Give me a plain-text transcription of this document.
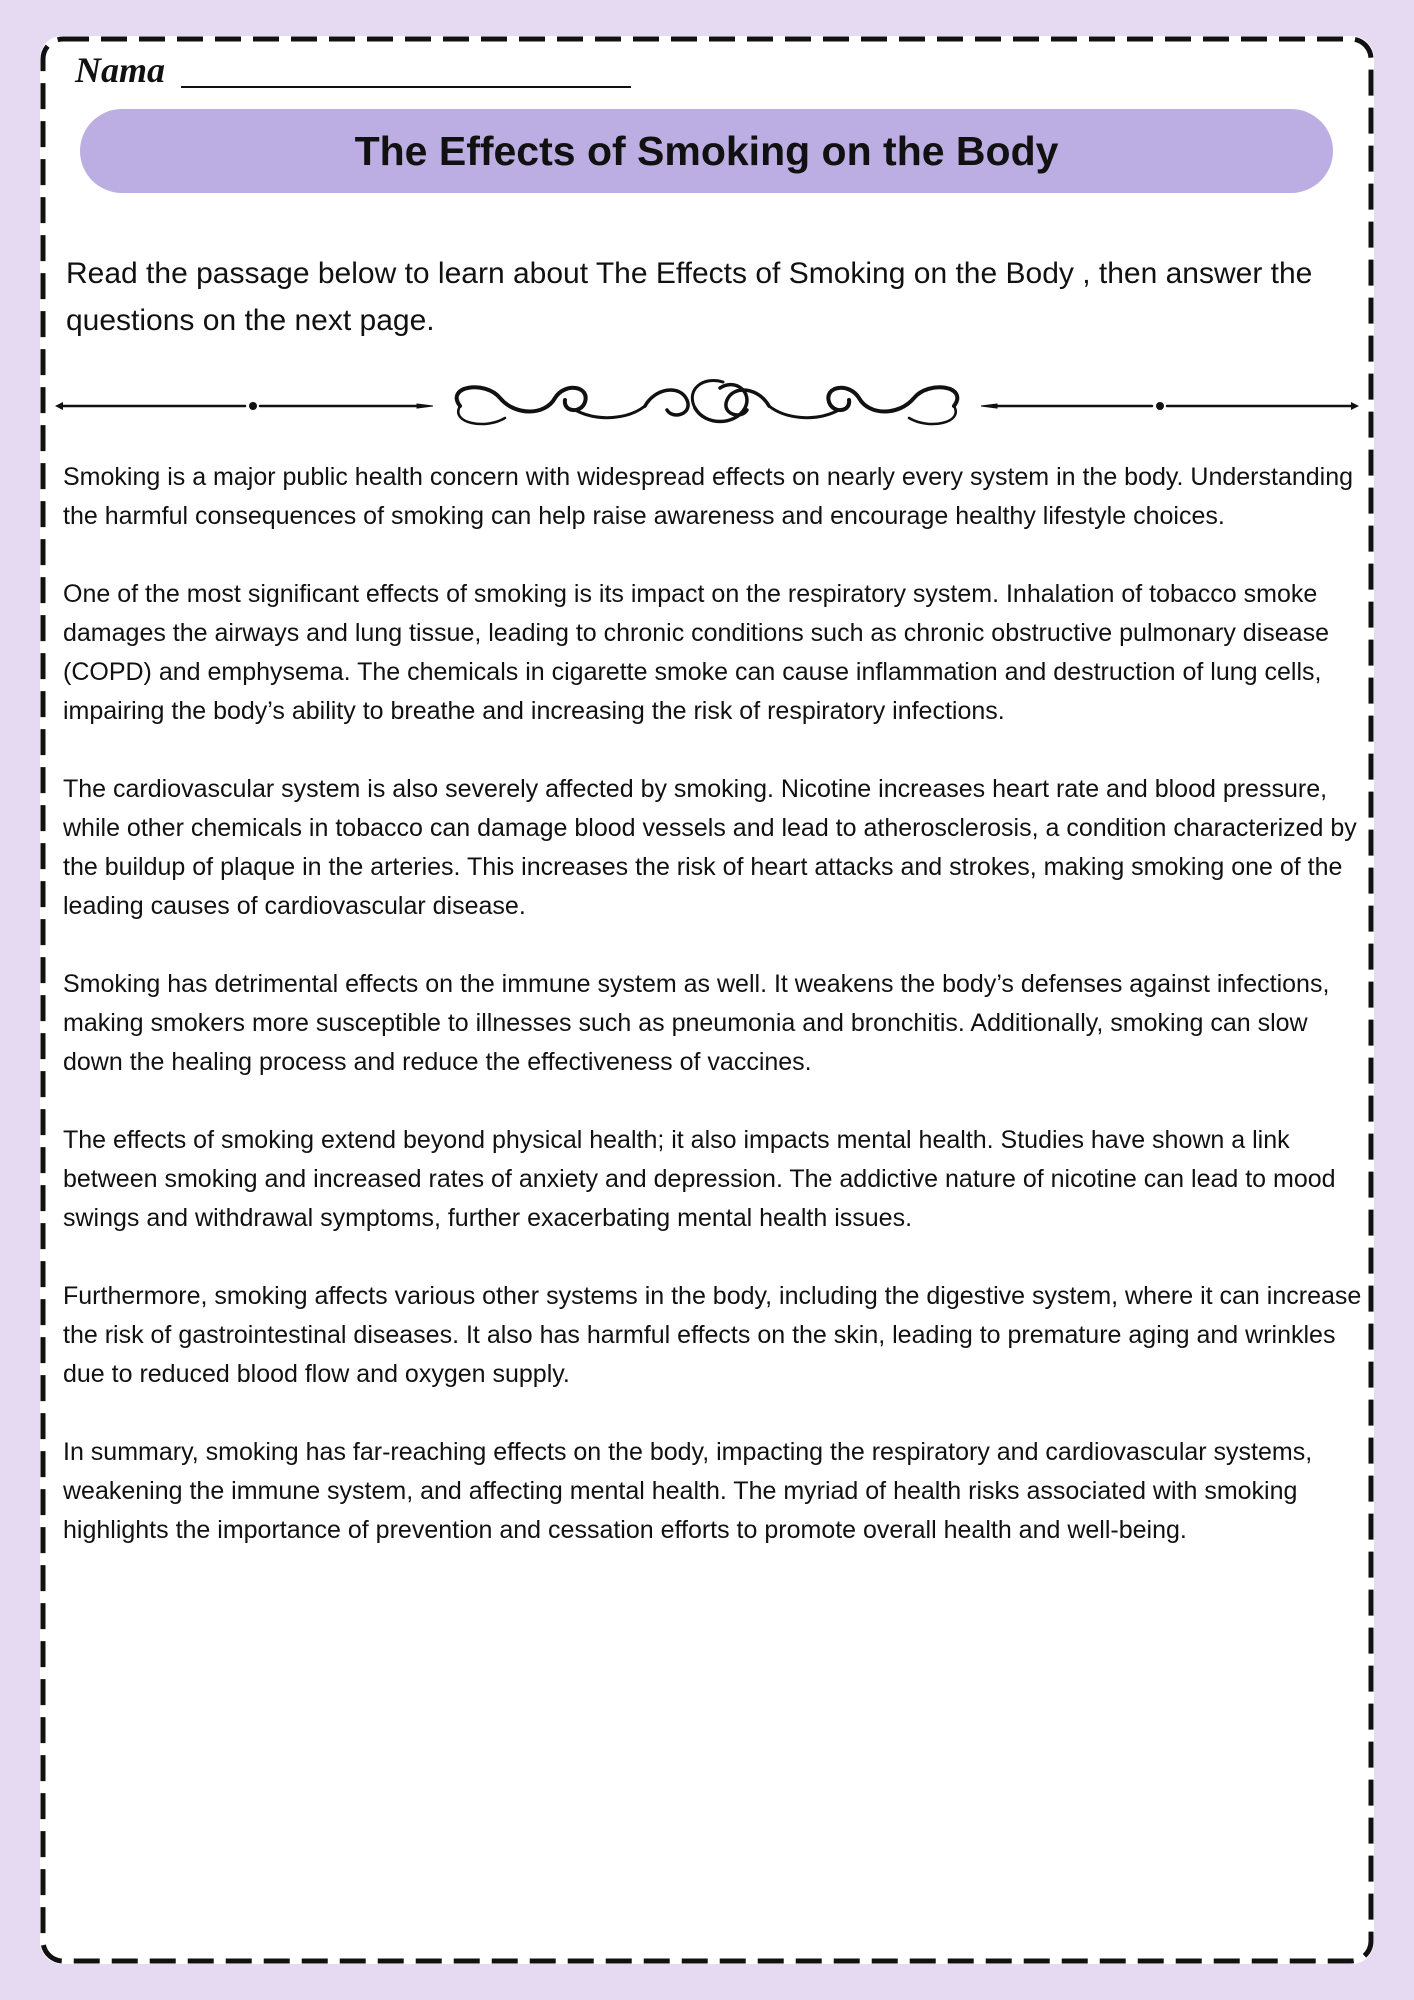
Nama
The Effects of Smoking on the Body

Read the passage below to learn about The Effects of Smoking on the Body , then answer the questions on the next page.

Smoking is a major public health concern with widespread effects on nearly every system in the body. Understanding the harmful consequences of smoking can help raise awareness and encourage healthy lifestyle choices.

One of the most significant effects of smoking is its impact on the respiratory system. Inhalation of tobacco smoke damages the airways and lung tissue, leading to chronic conditions such as chronic obstructive pulmonary disease (COPD) and emphysema. The chemicals in cigarette smoke can cause inflammation and destruction of lung cells, impairing the body’s ability to breathe and increasing the risk of respiratory infections.

The cardiovascular system is also severely affected by smoking. Nicotine increases heart rate and blood pressure, while other chemicals in tobacco can damage blood vessels and lead to atherosclerosis, a condition characterized by the buildup of plaque in the arteries. This increases the risk of heart attacks and strokes, making smoking one of the leading causes of cardiovascular disease.

Smoking has detrimental effects on the immune system as well. It weakens the body’s defenses against infections, making smokers more susceptible to illnesses such as pneumonia and bronchitis. Additionally, smoking can slow down the healing process and reduce the effectiveness of vaccines.

The effects of smoking extend beyond physical health; it also impacts mental health. Studies have shown a link between smoking and increased rates of anxiety and depression. The addictive nature of nicotine can lead to mood swings and withdrawal symptoms, further exacerbating mental health issues.

Furthermore, smoking affects various other systems in the body, including the digestive system, where it can increase the risk of gastrointestinal diseases. It also has harmful effects on the skin, leading to premature aging and wrinkles due to reduced blood flow and oxygen supply.

In summary, smoking has far-reaching effects on the body, impacting the respiratory and cardiovascular systems, weakening the immune system, and affecting mental health. The myriad of health risks associated with smoking highlights the importance of prevention and cessation efforts to promote overall health and well-being.
